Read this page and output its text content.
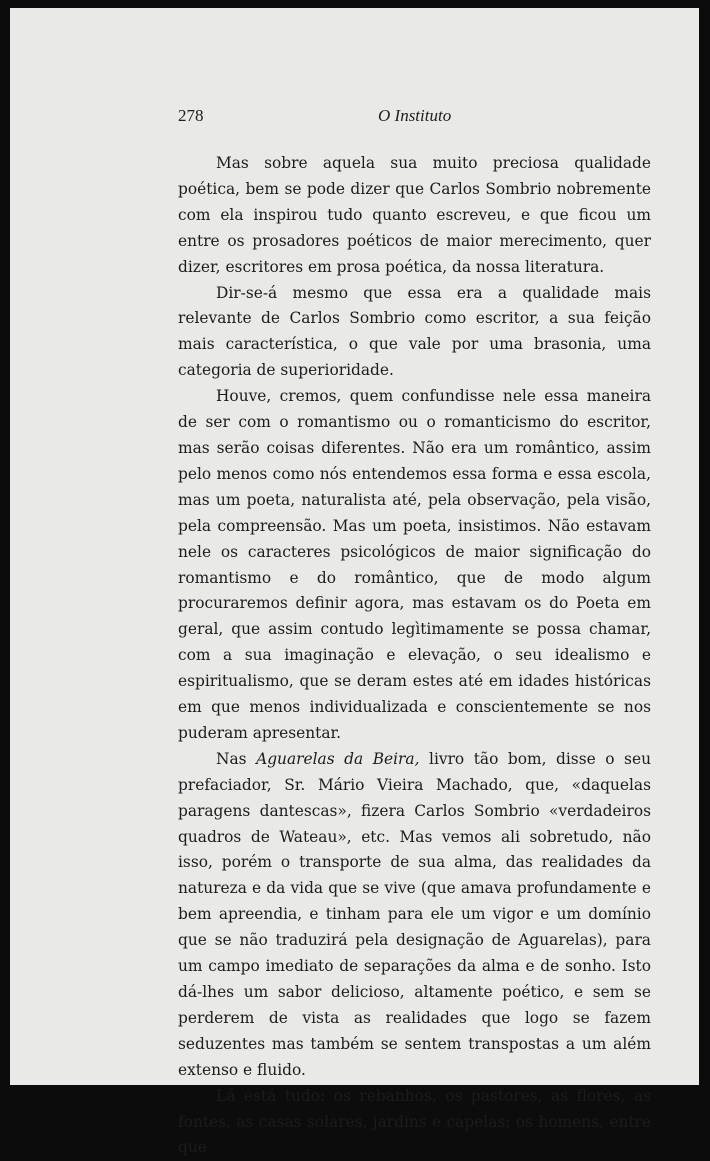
278	O Instituto

Mas sobre aquela sua muito preciosa qualidade poética, bem se pode dizer que Carlos Sombrio nobremente com ela inspirou tudo quanto escreveu, e que ficou um entre os prosadores poéticos de maior merecimento, quer dizer, escritores em prosa poética, da nossa literatura.

Dir-se-á mesmo que essa era a qualidade mais relevante de Carlos Sombrio como escritor, a sua feição mais característica, o que vale por uma brasonia, uma categoria de superioridade.

Houve, cremos, quem confundisse nele essa maneira de ser com o romantismo ou o romanticismo do escritor, mas serão coisas diferentes. Não era um romântico, assim pelo menos como nós entendemos essa forma e essa escola, mas um poeta, naturalista até, pela observação, pela visão, pela compreensão. Mas um poeta, insistimos. Não estavam nele os caracteres psicológicos de maior significação do romantismo e do romântico, que de modo algum procuraremos definir agora, mas estavam os do Poeta em geral, que assim contudo legìtimamente se possa chamar, com a sua imaginação e elevação, o seu idealismo e espiritualismo, que se deram estes até em idades históricas em que menos individualizada e conscientemente se nos puderam apresentar.

Nas Aguarelas da Beira, livro tão bom, disse o seu prefaciador, Sr. Mário Vieira Machado, que, «daquelas paragens dantescas», fizera Carlos Sombrio «verdadeiros quadros de Wateau», etc. Mas vemos ali sobretudo, não isso, porém o transporte de sua alma, das realidades da natureza e da vida que se vive (que amava profundamente e bem apreendia, e tinham para ele um vigor e um domínio que se não traduzirá pela designação de Aguarelas), para um campo imediato de separações da alma e de sonho. Isto dá-lhes um sabor delicioso, altamente poético, e sem se perderem de vista as realidades que logo se fazem seduzentes mas também se sentem transpostas a um além extenso e fluido.

Lá está tudo: os rebanhos, os pastores, as flores, as fontes, as casas solares, jardins e capelas; os homens, entre que
